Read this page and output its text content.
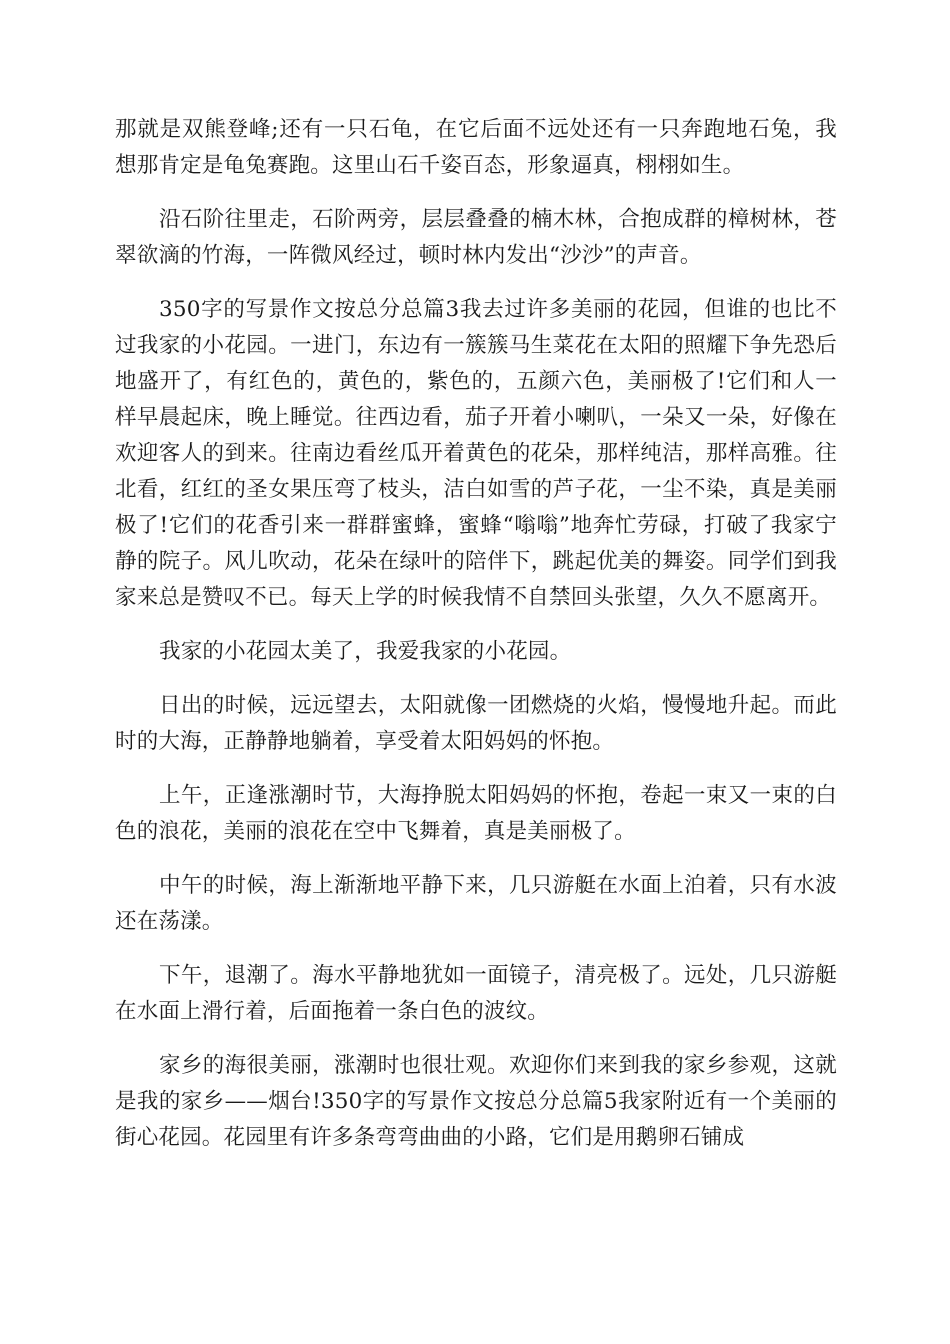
那就是双熊登峰;还有一只石龟，在它后面不远处还有一只奔跑地石兔，我想那肯定是龟兔赛跑。这里山石千姿百态，形象逼真，栩栩如生。

沿石阶往里走，石阶两旁，层层叠叠的楠木林，合抱成群的樟树林，苍翠欲滴的竹海，一阵微风经过，顿时林内发出“沙沙”的声音。

350字的写景作文按总分总篇3我去过许多美丽的花园，但谁的也比不过我家的小花园。一进门，东边有一簇簇马生菜花在太阳的照耀下争先恐后地盛开了，有红色的，黄色的，紫色的，五颜六色，美丽极了!它们和人一样早晨起床，晚上睡觉。往西边看，茄子开着小喇叭，一朵又一朵，好像在欢迎客人的到来。往南边看丝瓜开着黄色的花朵，那样纯洁，那样高雅。往北看，红红的圣女果压弯了枝头，洁白如雪的芦子花，一尘不染，真是美丽极了!它们的花香引来一群群蜜蜂，蜜蜂“嗡嗡”地奔忙劳碌，打破了我家宁静的院子。风儿吹动，花朵在绿叶的陪伴下，跳起优美的舞姿。同学们到我家来总是赞叹不已。每天上学的时候我情不自禁回头张望，久久不愿离开。

我家的小花园太美了，我爱我家的小花园。

日出的时候，远远望去，太阳就像一团燃烧的火焰，慢慢地升起。而此时的大海，正静静地躺着，享受着太阳妈妈的怀抱。

上午，正逢涨潮时节，大海挣脱太阳妈妈的怀抱，卷起一束又一束的白色的浪花，美丽的浪花在空中飞舞着，真是美丽极了。

中午的时候，海上渐渐地平静下来，几只游艇在水面上泊着，只有水波还在荡漾。

下午，退潮了。海水平静地犹如一面镜子，清亮极了。远处，几只游艇在水面上滑行着，后面拖着一条白色的波纹。

家乡的海很美丽，涨潮时也很壮观。欢迎你们来到我的家乡参观，这就是我的家乡——烟台!350字的写景作文按总分总篇5我家附近有一个美丽的街心花园。花园里有许多条弯弯曲曲的小路，它们是用鹅卵石铺成
